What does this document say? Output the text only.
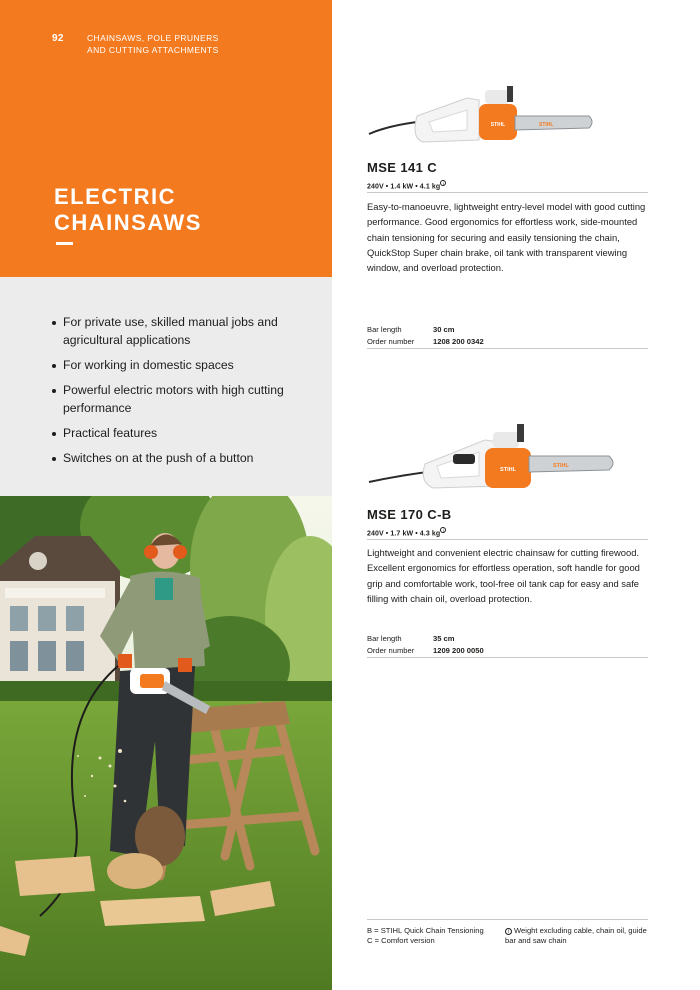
92	CHAINSAWS, POLE PRUNERS
AND CUTTING ATTACHMENTS
ELECTRIC
CHAINSAWS
For private use, skilled manual jobs and agricultural applications
For working in domestic spaces
Powerful electric motors with high cutting performance
Practical features
Switches on at the push of a button
STIHL	STIHL
MSE 141 C
240V • 1.4 kW • 4.1 kg i
Easy-to-manoeuvre, lightweight entry-level model with good cutting performance. Good ergonomics for effortless work, side-mounted chain tensioning for securing and easily tensioning the chain, QuickStop Super chain brake, oil tank with transparent viewing window, and overload protection.
Bar length	30 cm
Order number	1208 200 0342
STIHL
STIHL
MSE 170 C-B
240V • 1.7 kW • 4.3 kg i
Lightweight and convenient electric chainsaw for cutting firewood. Excellent ergonomics for effortless operation, soft handle for good grip and comfortable work, tool-free oil tank cap for easy and safe filling with chain oil, overload protection.
Bar length	35 cm
Order number	1209 200 0050
B = STIHL Quick Chain Tensioning
C = Comfort version
i Weight excluding cable, chain oil, guide bar and saw chain
